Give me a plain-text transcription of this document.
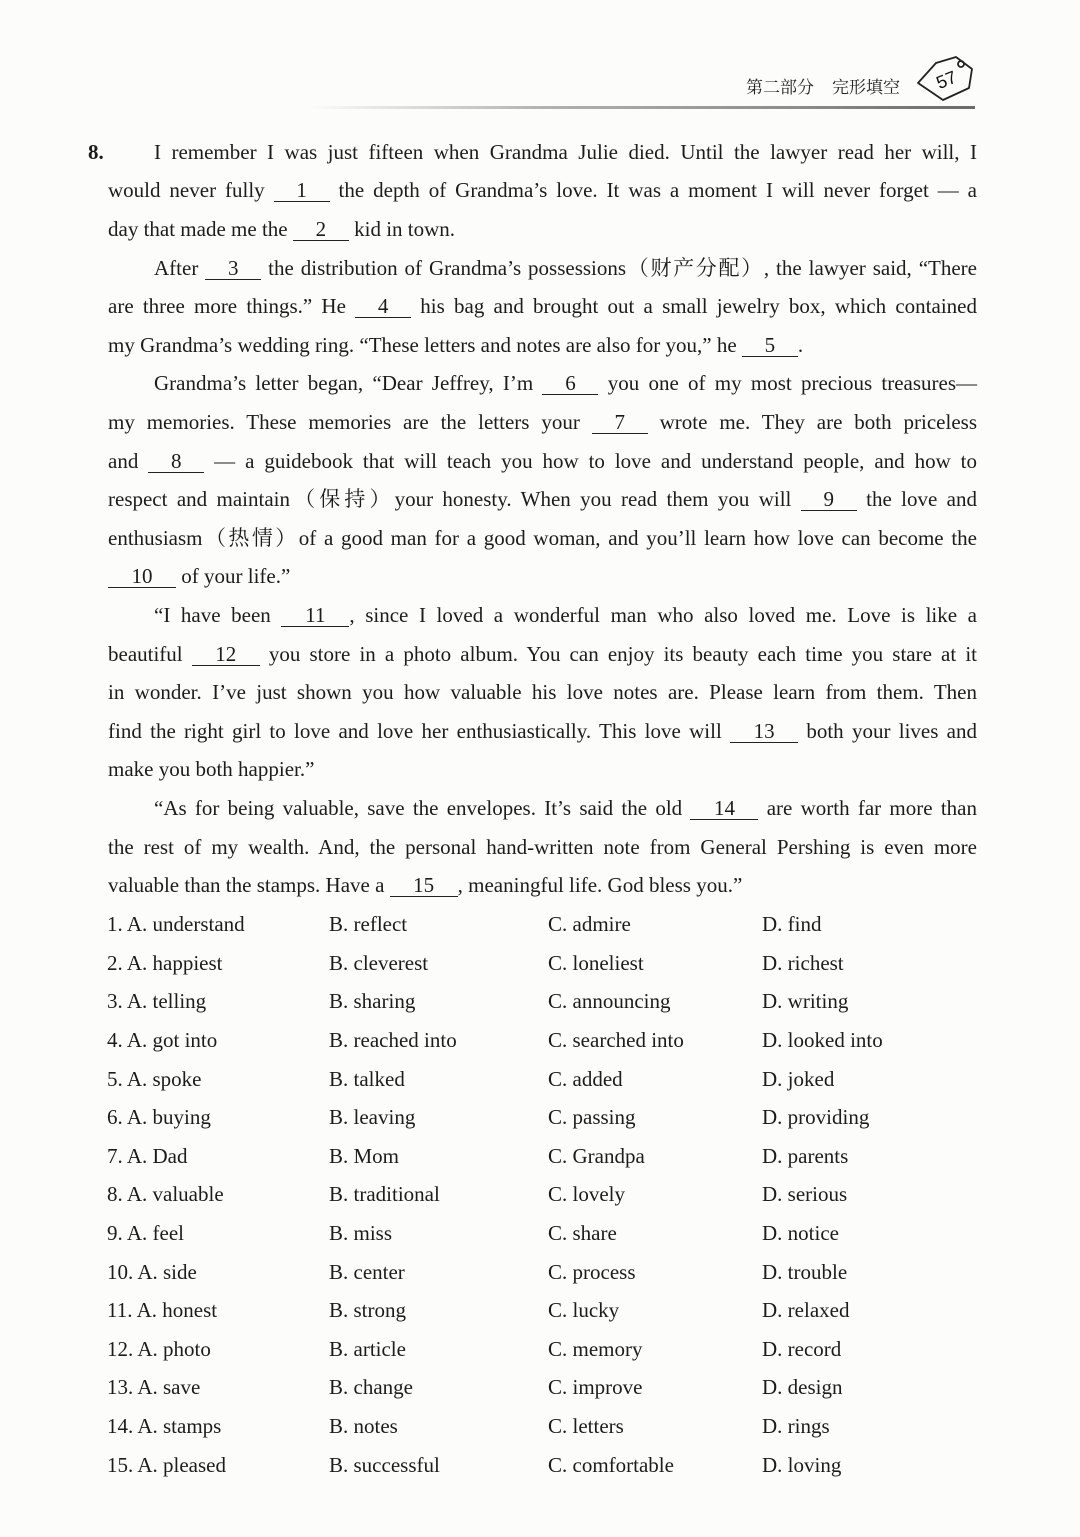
第二部分 完形填空 57
8.	I remember I was just fifteen when Grandma Julie died. Until the lawyer read her will, I
would never fully 1 the depth of Grandma’s love. It was a moment I will never forget — a
day that made me the 2 kid in town.
After 3 the distribution of Grandma’s possessions（财产分配）, the lawyer said, “There
are three more things.” He 4 his bag and brought out a small jewelry box, which contained
my Grandma’s wedding ring. “These letters and notes are also for you,” he 5 .
Grandma’s letter began, “Dear Jeffrey, I’m 6 you one of my most precious treasures—
my memories. These memories are the letters your 7 wrote me. They are both priceless
and 8 — a guidebook that will teach you how to love and understand people, and how to
respect and maintain（保持）your honesty. When you read them you will 9 the love and
enthusiasm（热情）of a good man for a good woman, and you’ll learn how love can become the
10 of your life.”
“I have been 11 , since I loved a wonderful man who also loved me. Love is like a
beautiful 12 you store in a photo album. You can enjoy its beauty each time you stare at it
in wonder. I’ve just shown you how valuable his love notes are. Please learn from them. Then
find the right girl to love and love her enthusiastically. This love will 13 both your lives and
make you both happier.”
“As for being valuable, save the envelopes. It’s said the old 14 are worth far more than
the rest of my wealth. And, the personal hand-written note from General Pershing is even more
valuable than the stamps. Have a 15 , meaningful life. God bless you.”
1. A. understand	B. reflect	C. admire	D. find
2. A. happiest	B. cleverest	C. loneliest	D. richest
3. A. telling	B. sharing	C. announcing	D. writing
4. A. got into	B. reached into	C. searched into	D. looked into
5. A. spoke	B. talked	C. added	D. joked
6. A. buying	B. leaving	C. passing	D. providing
7. A. Dad	B. Mom	C. Grandpa	D. parents
8. A. valuable	B. traditional	C. lovely	D. serious
9. A. feel	B. miss	C. share	D. notice
10. A. side	B. center	C. process	D. trouble
11. A. honest	B. strong	C. lucky	D. relaxed
12. A. photo	B. article	C. memory	D. record
13. A. save	B. change	C. improve	D. design
14. A. stamps	B. notes	C. letters	D. rings
15. A. pleased	B. successful	C. comfortable	D. loving
